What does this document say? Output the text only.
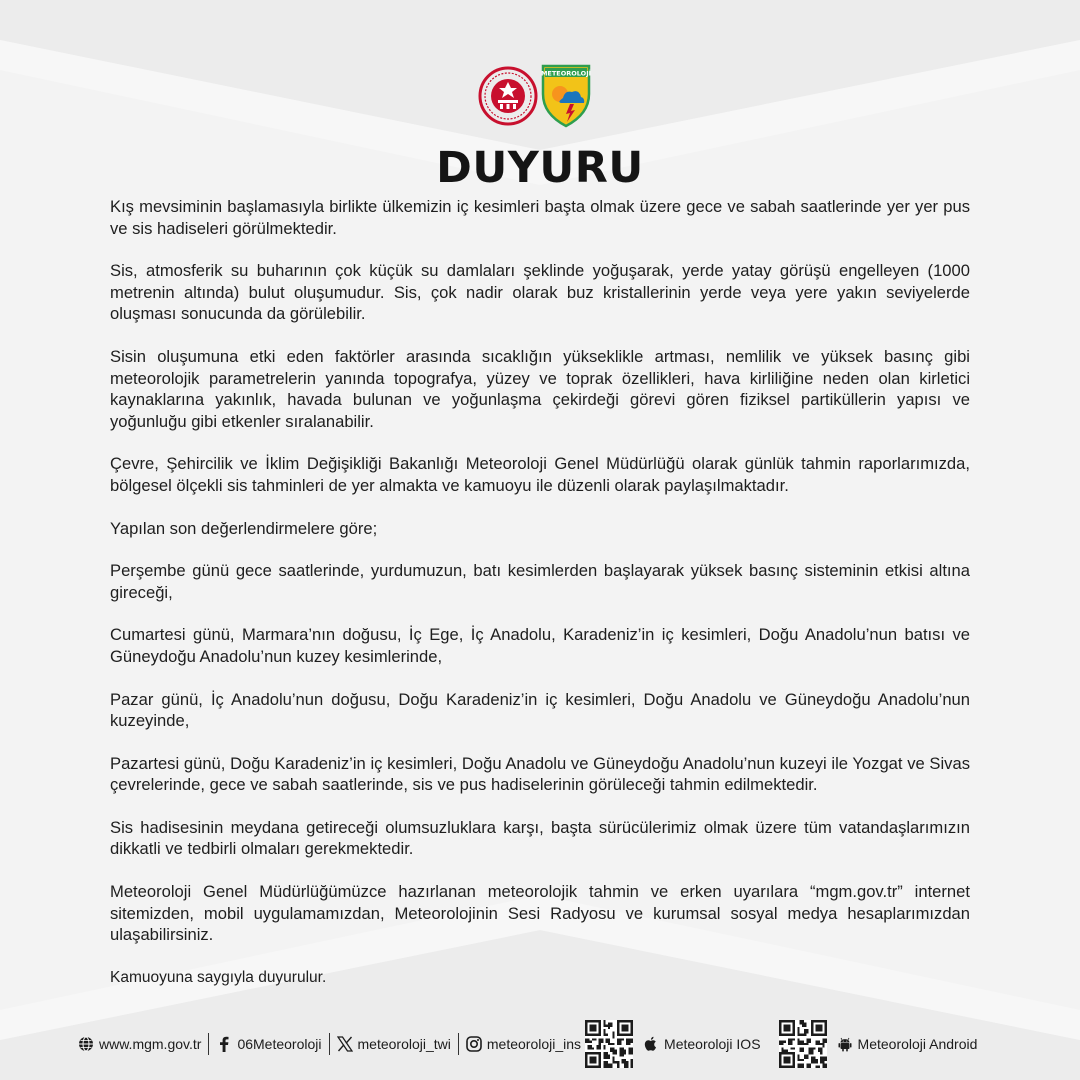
METEOROLOJİ
DUYURU

Kış mevsiminin başlamasıyla birlikte ülkemizin iç kesimleri başta olmak üzere gece ve sabah saatlerinde yer yer pus ve sis hadiseleri görülmektedir.

Sis, atmosferik su buharının çok küçük su damlaları şeklinde yoğuşarak, yerde yatay görüşü engelleyen (1000 metrenin altında) bulut oluşumudur. Sis, çok nadir olarak buz kristallerinin yerde veya yere yakın seviyelerde oluşması sonucunda da görülebilir.

Sisin oluşumuna etki eden faktörler arasında sıcaklığın yükseklikle artması, nemlilik ve yüksek basınç gibi meteorolojik parametrelerin yanında topografya, yüzey ve toprak özellikleri, hava kirliliğine neden olan kirletici kaynaklarına yakınlık, havada bulunan ve yoğunlaşma çekirdeği görevi gören fiziksel partiküllerin yapısı ve yoğunluğu gibi etkenler sıralanabilir.

Çevre, Şehircilik ve İklim Değişikliği Bakanlığı Meteoroloji Genel Müdürlüğü olarak günlük tahmin raporlarımızda, bölgesel ölçekli sis tahminleri de yer almakta ve kamuoyu ile düzenli olarak paylaşılmaktadır.

Yapılan son değerlendirmelere göre;

Perşembe günü gece saatlerinde, yurdumuzun, batı kesimlerden başlayarak yüksek basınç sisteminin etkisi altına gireceği,

Cumartesi günü, Marmara’nın doğusu, İç Ege, İç Anadolu, Karadeniz’in iç kesimleri, Doğu Anadolu’nun batısı ve Güneydoğu Anadolu’nun kuzey kesimlerinde,

Pazar günü, İç Anadolu’nun doğusu, Doğu Karadeniz’in iç kesimleri, Doğu Anadolu ve Güneydoğu Anadolu’nun kuzeyinde,

Pazartesi günü, Doğu Karadeniz’in iç kesimleri, Doğu Anadolu ve Güneydoğu Anadolu’nun kuzeyi ile Yozgat ve Sivas çevrelerinde, gece ve sabah saatlerinde, sis ve pus hadiselerinin görüleceği tahmin edilmektedir.

Sis hadisesinin meydana getireceği olumsuzluklara karşı, başta sürücülerimiz olmak üzere tüm vatandaşlarımızın dikkatli ve tedbirli olmaları gerekmektedir.

Meteoroloji Genel Müdürlüğümüzce hazırlanan meteorolojik tahmin ve erken uyarılara “mgm.gov.tr” internet sitemizden, mobil uygulamamızdan, Meteorolojinin Sesi Radyosu ve kurumsal sosyal medya hesaplarımızdan ulaşabilirsiniz.

Kamuoyuna saygıyla duyurulur.

www.mgm.gov.tr	06Meteoroloji	meteoroloji_twi	meteoroloji_ins	Meteoroloji IOS	Meteoroloji Android
